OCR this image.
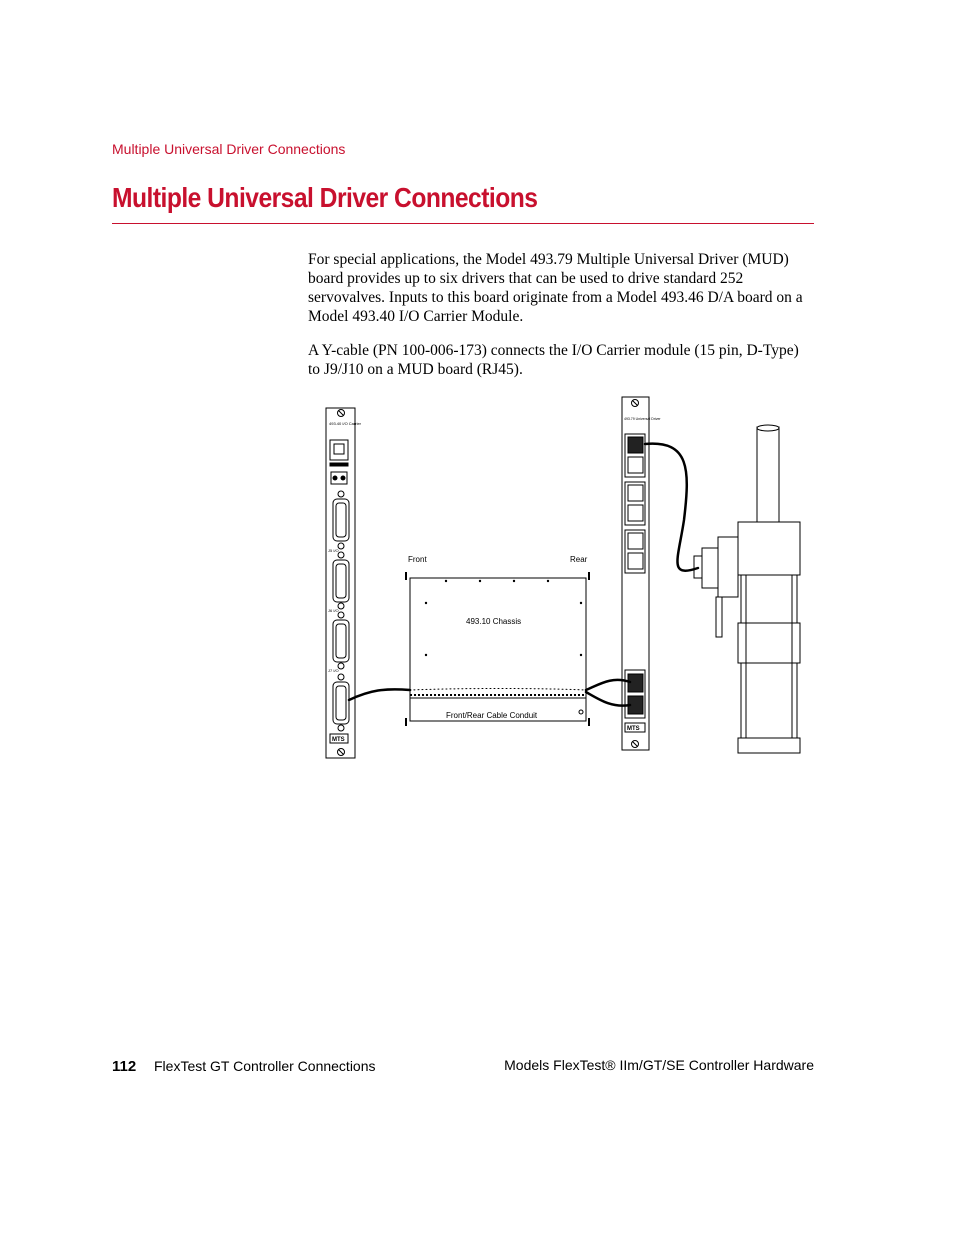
Multiple Universal Driver Connections
Multiple Universal Driver Connections

For special applications, the Model 493.79 Multiple Universal Driver (MUD) board provides up to six drivers that can be used to drive standard 252 servovalves. Inputs to this board originate from a Model 493.46 D/A board on a Model 493.40 I/O Carrier Module.

A Y-cable (PN 100-006-173) connects the I/O Carrier module (15 pin, D-Type) to J9/J10 on a MUD board (RJ45).

493.40 I/O Carrier
J5 I/O
J6 I/O
J7 I/O
MTS
Front	Rear
493.10 Chassis
Front/Rear Cable Conduit
493.79 Universal Driver
MTS
112 FlexTest GT Controller Connections	Models FlexTest® IIm/GT/SE Controller Hardware
